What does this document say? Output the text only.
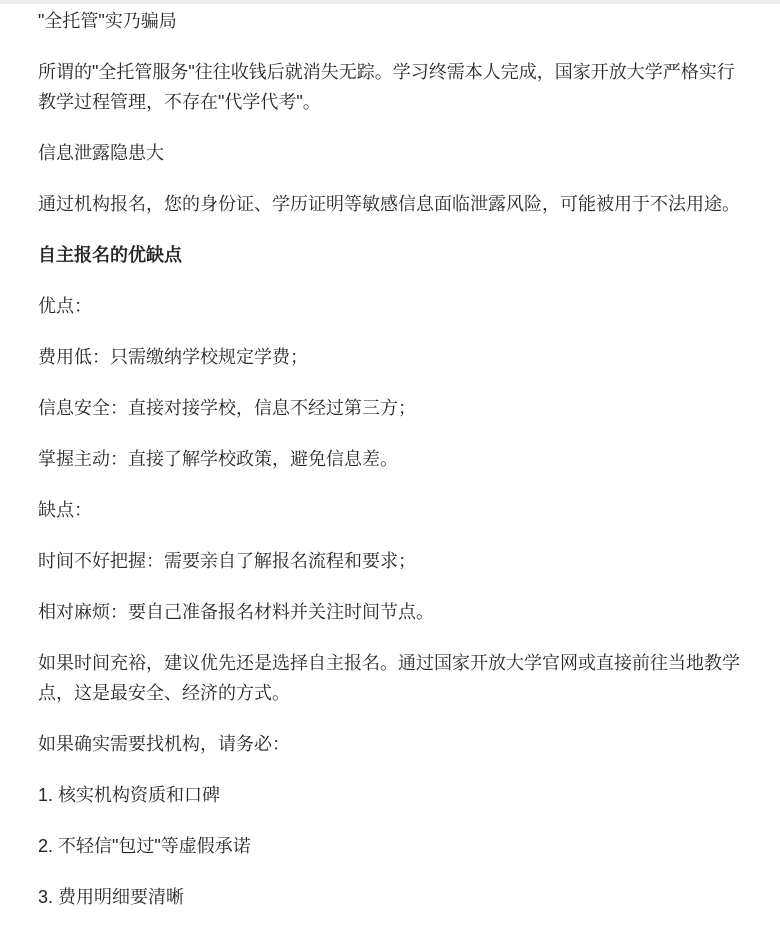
"全托管"实乃骗局

所谓的"全托管服务"往往收钱后就消失无踪。学习终需本人完成，国家开放大学严格实行教学过程管理，不存在"代学代考"。

信息泄露隐患大

通过机构报名，您的身份证、学历证明等敏感信息面临泄露风险，可能被用于不法用途。

自主报名的优缺点

优点：

费用低：只需缴纳学校规定学费；

信息安全：直接对接学校，信息不经过第三方；

掌握主动：直接了解学校政策，避免信息差。

缺点：

时间不好把握：需要亲自了解报名流程和要求；

相对麻烦：要自己准备报名材料并关注时间节点。

如果时间充裕，建议优先还是选择自主报名。通过国家开放大学官网或直接前往当地教学点，这是最安全、经济的方式。

如果确实需要找机构，请务必：

1. 核实机构资质和口碑

2. 不轻信"包过"等虚假承诺

3. 费用明细要清晰
